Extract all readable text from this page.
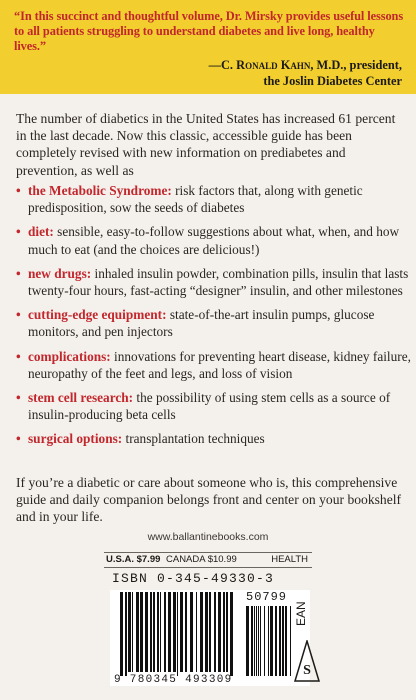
“In this succinct and thoughtful volume, Dr. Mirsky provides useful lessons to all patients struggling to understand diabetes and live long, healthy lives.”
—C. Ronald Kahn, M.D., president,
the Joslin Diabetes Center
The number of diabetics in the United States has increased 61 percent in the last decade. Now this classic, accessible guide has been completely revised with new information on prediabetes and prevention, as well as
• the Metabolic Syndrome: risk factors that, along with genetic predisposition, sow the seeds of diabetes
• diet: sensible, easy-to-follow suggestions about what, when, and how much to eat (and the choices are delicious!)
• new drugs: inhaled insulin powder, combination pills, insulin that lasts twenty-four hours, fast-acting “designer” insulin, and other milestones
• cutting-edge equipment: state-of-the-art insulin pumps, glucose monitors, and pen injectors
• complications: innovations for preventing heart disease, kidney failure, neuropathy of the feet and legs, and loss of vision
• stem cell research: the possibility of using stem cells as a source of insulin-producing beta cells
• surgical options: transplantation techniques
If you’re a diabetic or care about someone who is, this comprehensive guide and daily companion belongs front and center on your bookshelf and in your life.
www.ballantinebooks.com
U.S.A. $7.99 CANADA $10.99	HEALTH
ISBN 0-345-49330-3
50799
9 780345 493309
EAN
S
